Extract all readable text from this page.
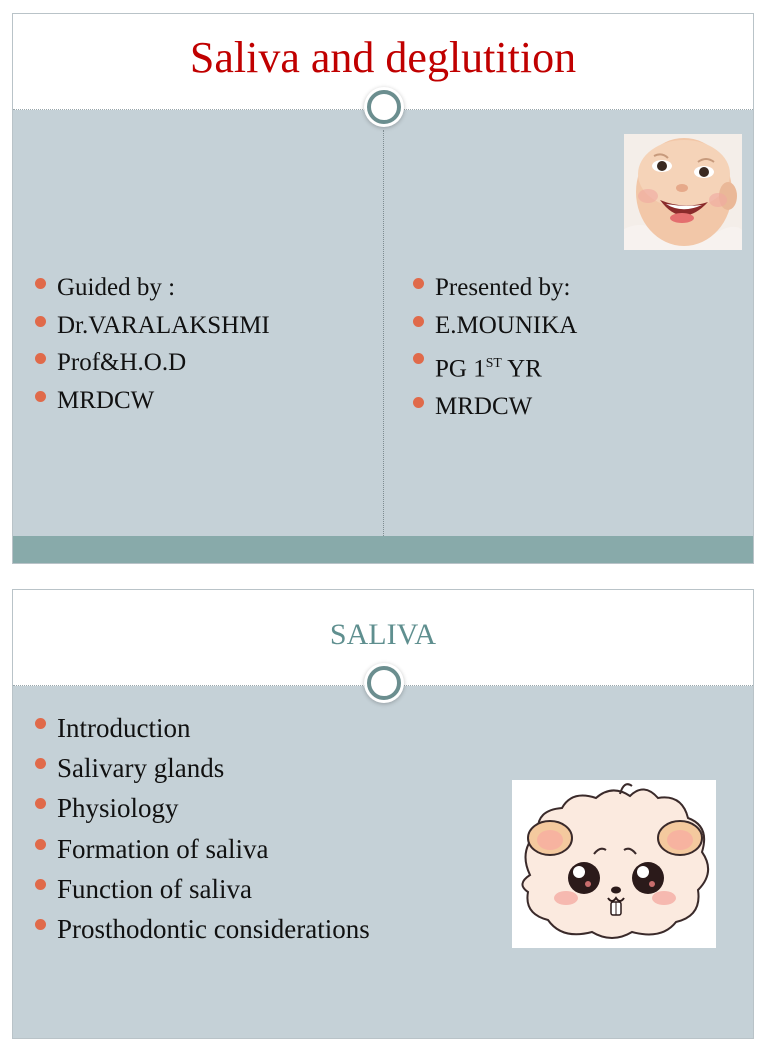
Saliva and deglutition
Guided by :
Dr.VARALAKSHMI
Prof&H.O.D
MRDCW
Presented by:
E.MOUNIKA
PG 1ST YR
MRDCW
SALIVA
Introduction
Salivary glands
Physiology
Formation of saliva
Function of saliva
Prosthodontic considerations
